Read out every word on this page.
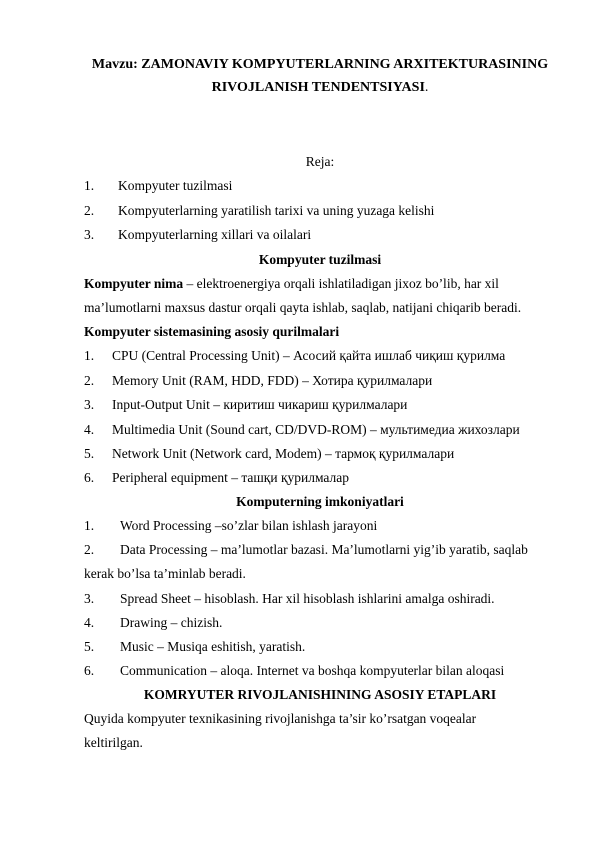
Mavzu: ZAMONAVIY KOMPYUTERLARNING ARXITEKTURASINING
RIVOJLANISH TENDENTSIYASI.
Reja:
1. Kompyuter tuzilmasi
2. Kompyuterlarning yaratilish tarixi va uning yuzaga kelishi
3. Kompyuterlarning xillari va oilalari
Kompyuter tuzilmasi
Kompyuter nima – elektroenergiya orqali ishlatiladigan jixoz bo’lib, har xil
ma’lumotlarni maxsus dastur orqali qayta ishlab, saqlab, natijani chiqarib beradi.
Kompyuter sistemasining asosiy qurilmalari
1. CPU (Central Processing Unit) – Асосий қайта ишлаб чиқиш қурилма
2. Memory Unit (RAM, HDD, FDD) – Хотира қурилмалари
3. Input-Output Unit – киритиш чикариш қурилмалари
4. Multimedia Unit (Sound cart, CD/DVD-ROM) – мультимедиа жихозлари
5. Network Unit (Network card, Modem) – тармоқ қурилмалари
6. Peripheral equipment – ташқи қурилмалар
Komputerning imkoniyatlari
1. Word Processing –so’zlar bilan ishlash jarayoni
2. Data Processing – ma’lumotlar bazasi. Ma’lumotlarni yig’ib yaratib, saqlab
kerak bo’lsa ta’minlab beradi.
3. Spread Sheet – hisoblash. Har xil hisoblash ishlarini amalga oshiradi.
4. Drawing – chizish.
5. Music – Musiqa eshitish, yaratish.
6. Communication – aloqa. Internet va boshqa kompyuterlar bilan aloqasi
KOMRYUTER RIVOJLANISHINING ASOSIY ETAPLARI
Quyida kompyuter texnikasining rivojlanishga ta’sir ko’rsatgan voqealar
keltirilgan.
